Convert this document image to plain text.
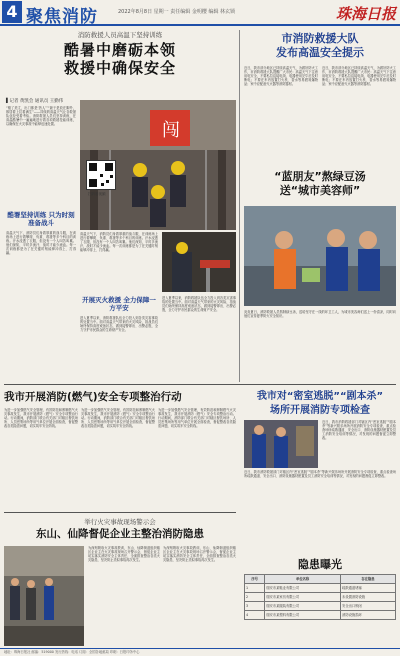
4 聚焦消防	2022年8月8日 星期一 责任编辑 金明樱 编辑 林玄锁	珠海日报
消防救援人员高温下坚持训练
酷暑中磨砺本领
救援中确保安全
▌记者 黄凯会 通讯员 王勤伟
“刚了美丈，出门都是‘热人’”“最于是放在脚外，都居着上拉着满生”——持续的高温天气让各救援队伍经受着考验。消防救援人员们坚持训练，在高温酷暑中一遍遍地进行着各项救援技能训练，以确保在火灾事故中能够迅速处置。	闯
扫码看视频
酷署坚持训练 只为时刻准备战斗
高温天气下，消防员们身着厚重的战斗服，在训练场上进行着攀爬、负重、救援等多个科目的训练。汗水浸透了衣服，但没有一个人叫苦叫累。他们深知，平时多流汗，战时才能少流血。每一次训练都是为了在关键时刻能够冲得上、打得赢。
高温天气下，消防员们身着厚重的战斗服，在训练场上进行着攀爬、负重、救援等多个科目的训练。汗水浸透了衣服，但没有一个人叫苦叫累。他们深知，平时多流汗，战时才能少流血。每一次训练都是为了在关键时刻能够冲得上、打得赢。
开展灭火救援 全力保障一方平安
进入夏季以来，消防救援队伍全力投入到各类灾害事故的处置当中。面对高温天气带来的火灾风险，指战员们始终保持高度戒备状态，做到接警即出、出警必胜，全力守护市民群众的生命财产安全。
进入夏季以来，消防救援队伍全力投入到各类灾害事故的处置当中。面对高温天气带来的火灾风险，指战员们始终保持高度戒备状态，做到接警即出、出警必胜，全力守护市民群众的生命财产安全。
市消防救援大队
发布高温安全提示
近日，我市部分地区已持续高温天气，为做好防火工作，市消防救援大队提醒广大市民：高温天气下注意用电安全，不要私拉乱接电线，电器使用完毕后及时断电；不要在车内放置打火机、香水等易燃易爆物品；家中应配备灭火器等消防器材。
近日，我市部分地区已持续高温天气，为做好防火工作，市消防救援大队提醒广大市民：高温天气下注意用电安全，不要私拉乱接电线，电器使用完毕后及时断电；不要在车内放置打火机、香水等易燃易爆物品；家中应配备灭火器等消防器材。
“蓝朋友”熬绿豆汤
送“城市美容师”
炎炎夏日，消防救援人员熬制绿豆汤，送给坚守在一线的环卫工人，为城市美容师们送上一份清凉，同时向他们宣传夏季防火安全知识。
我市开展消防(燃气)安全专项整治行动
为进一步加强燃气安全管理，有效防范和遏制燃气火灾事故发生，我市开展消防（燃气）安全专项整治行动。行动期间，消防部门联合有关部门对辖区餐饮场所、人员密集场所等用气单位开展全面检查，督促整改各类隐患问题，切实筑牢安全防线。
为进一步加强燃气安全管理，有效防范和遏制燃气火灾事故发生，我市开展消防（燃气）安全专项整治行动。行动期间，消防部门联合有关部门对辖区餐饮场所、人员密集场所等用气单位开展全面检查，督促整改各类隐患问题，切实筑牢安全防线。
为进一步加强燃气安全管理，有效防范和遏制燃气火灾事故发生，我市开展消防（燃气）安全专项整治行动。行动期间，消防部门联合有关部门对辖区餐饮场所、人员密集场所等用气单位开展全面检查，督促整改各类隐患问题，切实筑牢安全防线。
我市对“密室逃脱”“剧本杀”
场所开展消防专项检查
近日，我市消防救援部门对辖区内“密室逃脱”“剧本杀”等新兴娱乐场所开展消防安全专项检查，重点检查场所疏散通道、安全出口、消防设施器材配置及员工消防安全培训等情况，对发现的问题督促立即整改。
近日，我市消防救援部门对辖区内“密室逃脱”“剧本杀”等新兴娱乐场所开展消防安全专项检查，重点检查场所疏散通道、安全出口、消防设施器材配置及员工消防安全培训等情况，对发现的问题督促立即整改。
举行火灾事故现场警示会
东山、仙降督促企业主整治消防隐患
为深刻吸取火灾事故教训，东山、仙降街道组织辖区企业主在火灾事故现场召开警示会，督促企业主切实落实消防安全主体责任，全面排查整治各类火灾隐患，坚决防止类似事故再次发生。
为深刻吸取火灾事故教训，东山、仙降街道组织辖区企业主在火灾事故现场召开警示会，督促企业主切实落实消防安全主体责任，全面排查整治各类火灾隐患，坚决防止类似事故再次发生。	隐患曝光
序号	单位名称	存在隐患
1	瑞安市某鞋业有限公司	疏散通道堵塞
2	瑞安市某家纺有限公司	未设置消防设施
3	瑞安市某服装有限公司	安全出口锁闭
4	瑞安市某塑料有限公司	消防设施损坏
地址：珠海日报社 邮编：519000 发行热线：电话 订阅：全国各地邮局 印刷：日报印务中心
